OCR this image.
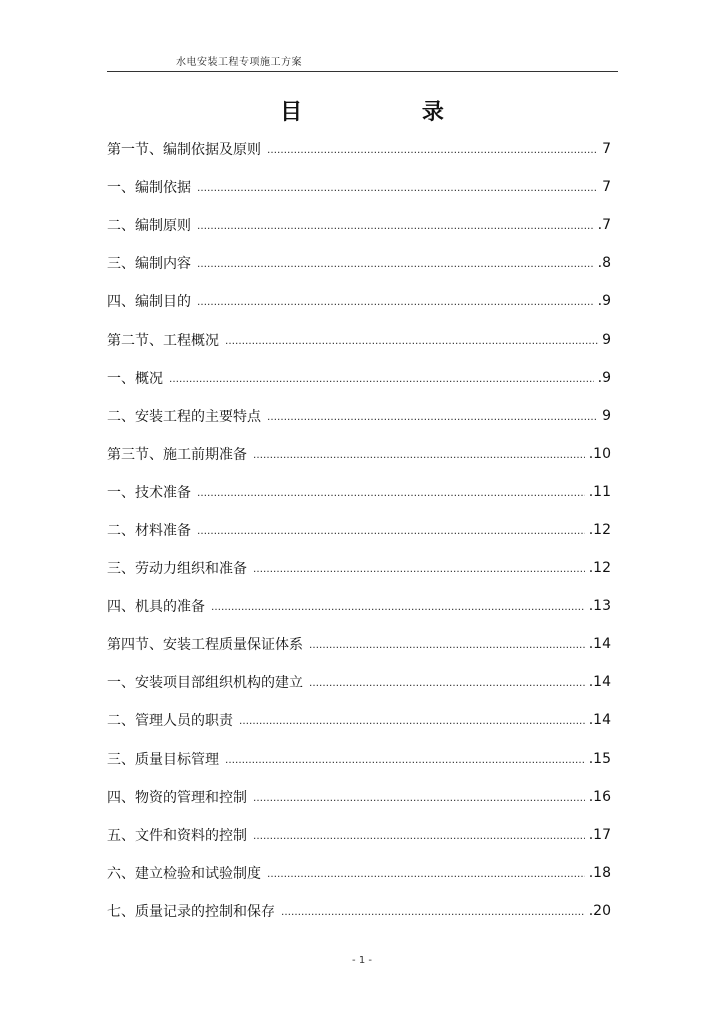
水电安装工程专项施工方案
目 录
第一节、编制依据及原则 …………………………………………………………………………………………………………………………	7
一、编制依据 …………………………………………………………………………………………………………………………	7
二、编制原则 …………………………………………………………………………………………………………………………	.7
三、编制内容 …………………………………………………………………………………………………………………………	.8
四、编制目的 …………………………………………………………………………………………………………………………	.9
第二节、工程概况 …………………………………………………………………………………………………………………………	9
一、概况 …………………………………………………………………………………………………………………………	.9
二、安装工程的主要特点 …………………………………………………………………………………………………………………………	9
第三节、施工前期准备 …………………………………………………………………………………………………………………………	.10
一、技术准备 …………………………………………………………………………………………………………………………	.11
二、材料准备 …………………………………………………………………………………………………………………………	.12
三、劳动力组织和准备 …………………………………………………………………………………………………………………………	.12
四、机具的准备 …………………………………………………………………………………………………………………………	.13
第四节、安装工程质量保证体系 …………………………………………………………………………………………………………………………	.14
一、安装项目部组织机构的建立 …………………………………………………………………………………………………………………………	.14
二、管理人员的职责 …………………………………………………………………………………………………………………………	.14
三、质量目标管理 …………………………………………………………………………………………………………………………	.15
四、物资的管理和控制 …………………………………………………………………………………………………………………………	.16
五、文件和资料的控制 …………………………………………………………………………………………………………………………	.17
六、建立检验和试验制度 …………………………………………………………………………………………………………………………	.18
七、质量记录的控制和保存 …………………………………………………………………………………………………………………………	.20
- 1 -
